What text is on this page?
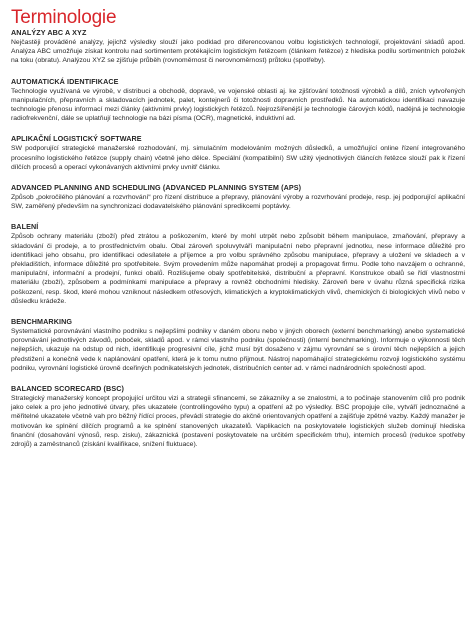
Terminologie
ANALÝZY ABC A XYZ

Nejčastěji prováděné analýzy, jejichž výsledky slouží jako podklad pro diferencovanou volbu logistických technologií, projektování skladů apod. Analýza ABC umožňuje získat kontrolu nad sortimentem protékajícím logistickým řetězcem (článkem řetězce) z hlediska podílu sortimentních položek na toku (obratu). Analýzou XYZ se zjišťuje průběh (rovnoměrnost či nerovnoměrnost) průtoku (spotřeby).

AUTOMATICKÁ IDENTIFIKACE

Technologie využívaná ve výrobě, v distribuci a obchodě, dopravě, ve vojenské oblasti aj. ke zjišťování totožnosti výrobků a dílů, zních vytvořených manipulačních, přepravních a skladovacích jednotek, palet, kontejnerů či totožnosti dopravních prostředků. Na automatickou identifikaci navazuje technologie přenosu informací mezi články (aktivními prvky) logistických řetězců. Nejrozšířenější je technologie čárových kódů, nadějná je technologie radiofrekvenční, dále se uplatňují technologie na bázi písma (OCR), magnetické, induktivní ad.

APLIKAČNÍ LOGISTICKÝ SOFTWARE

SW podporující strategické manažerské rozhodování, mj. simulačním modelováním možných důsledků, a umožňující online řízení integrovaného procesního logistického řetězce (supply chain) včetně jeho dělce. Speciální (kompatibilní) SW užitý vjednotlivých článcích řetězce slouží pak k řízení dílčích procesů a operací vykonávaných aktivními prvky uvnitř článku.

ADVANCED PLANNING AND SCHEDULING (ADVANCED PLANNING SYSTEM (APS)

Způsob „pokročilého plánování a rozvrhování“ pro řízení distribuce a přepravy, plánování výroby a rozvrhování prodeje, resp. jej podporující aplikační SW, zaměřený především na synchronizaci dodavatelského plánování spredikcemi poptávky.

BALENÍ

Způsob ochrany materiálu (zboží) před ztrátou a poškozením, které by mohl utrpět nebo způsobit během manipulace, zmaňování, přepravy a skladování či prodeje, a to prostřednictvím obalu. Obal zároveň spoluvytváří manipulační nebo přepravní jednotku, nese informace důležité pro identifikaci jeho obsahu, pro identifikaci odesílatele a příjemce a pro volbu správného způsobu manipulace, přepravy a uložení ve skladech a v překladištích, informace důležité pro spotřebitele. Svým provedením může napomáhat prodeji a propagovat firmu. Podle toho navzájem o ochranné, manipulační, informační a prodejní, funkci obalů. Rozlišujeme obaly spotřebitelské, distribuční a přepravní. Konstrukce obalů se řídí vlastnostmi materiálu (zboží), způsobem a podmínkami manipulace a přepravy a rovněž obchodními hledisky. Zároveň bere v úvahu různá specifická rizika poškození, resp. škod, které mohou vzniknout následkem otřesových, klimatických a kryptoklimatických vlivů, chemických či biologických vlivů nebo v důsledku krádeže.

BENCHMARKING

Systematické porovnávání vlastního podniku s nejlepšími podniky v daném oboru nebo v jiných oborech (externí benchmarking) anebo systematické porovnávání jednotlivých závodů, poboček, skladů apod. v rámci vlastního podniku (společnosti) (interní benchmarking). Informuje o výkonnosti těch nejlepších, ukazuje na odstup od nich, identifikuje progresivní cíle, jichž musí být dosaženo v zájmu vyrovnání se s úrovní těch nejlepších a jejich předstižení a konečně vede k naplánování opatření, která je k tomu nutno přijmout. Nástroj napomáhající strategickému rozvoji logistického systému podniku, vyrovnání logistické úrovně dceřiných podnikatelských jednotek, distribučních center ad. v rámci nadnárodních společností apod.

BALANCED SCORECARD (BSC)

Strategický manažerský koncept propojující určitou vizi a strategii sfinancemi, se zákazníky a se znalostmi, a to počínaje stanovením cílů pro podnik jako celek a pro jeho jednotlivé útvary, přes ukazatele (controllingového typu) a opatření až po výsledky. BSC propojuje cíle, vytváří jednoznačné a měřitelné ukazatele včetně vah pro běžný řídící proces, převádí strategie do akčně orientovaných opatření a zajišťuje zpětné vazby. Každý manažer je motivován ke splnění dílčích programů a ke splnění stanovených ukazatelů. Vaplikacích na poskytovatele logistických služeb dominují hlediska finanční (dosahování výnosů, resp. zisku), zákaznická (postavení poskytovatele na určitém specifickém trhu), interních procesů (redukce spotřeby zdrojů) a zaměstnanců (získání kvalifikace, snížení fluktuace).
